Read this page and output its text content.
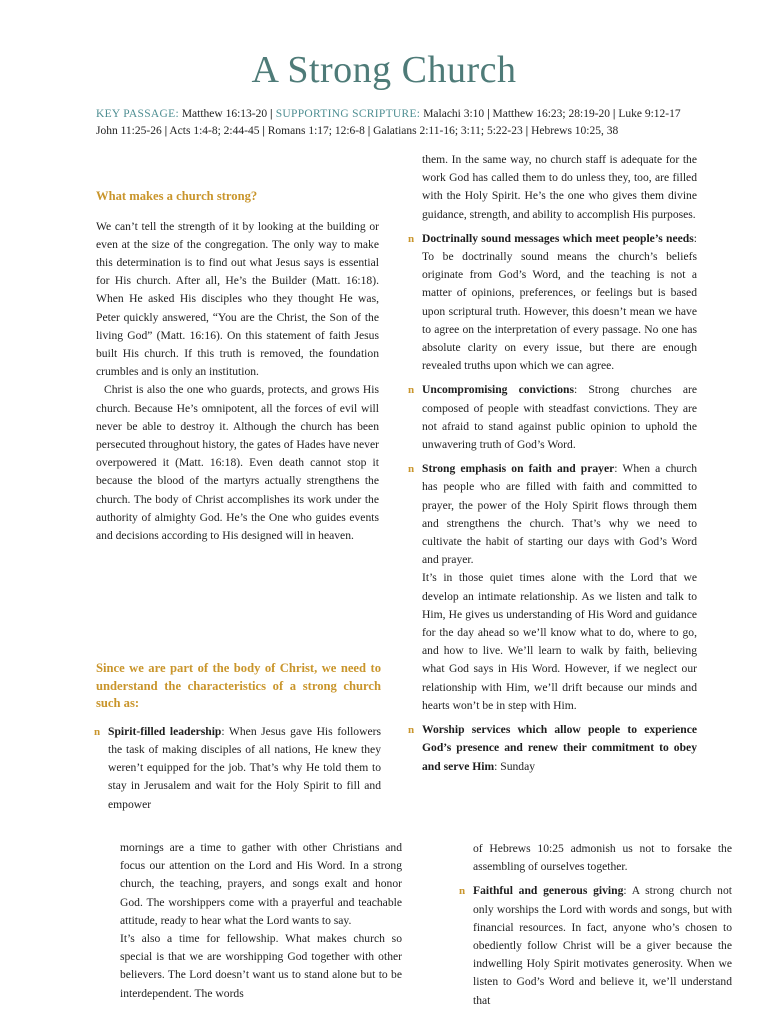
A Strong Church
KEY PASSAGE: Matthew 16:13-20 | SUPPORTING SCRIPTURE: Malachi 3:10 | Matthew 16:23; 28:19-20 | Luke 9:12-17
John 11:25-26 | Acts 1:4-8; 2:44-45 | Romans 1:17; 12:6-8 | Galatians 2:11-16; 3:11; 5:22-23 | Hebrews 10:25, 38

What makes a church strong?

We can’t tell the strength of it by looking at the building or even at the size of the congregation. The only way to make this determination is to find out what Jesus says is essential for His church. After all, He’s the Builder (Matt. 16:18). When He asked His disciples who they thought He was, Peter quickly answered, “You are the Christ, the Son of the living God” (Matt. 16:16). On this statement of faith Jesus built His church. If this truth is removed, the foundation crumbles and is only an institution.

Christ is also the one who guards, protects, and grows His church. Because He’s omnipotent, all the forces of evil will never be able to destroy it. Although the church has been persecuted throughout history, the gates of Hades have never overpowered it (Matt. 16:18). Even death cannot stop it because the blood of the martyrs actually strengthens the church. The body of Christ accomplishes its work under the authority of almighty God. He’s the One who guides events and decisions according to His designed will in heaven.

Since we are part of the body of Christ, we need to understand the characteristics of a strong church such as:

n Spirit-filled leadership: When Jesus gave His followers the task of making disciples of all nations, He knew they weren’t equipped for the job. That’s why He told them to stay in Jerusalem and wait for the Holy Spirit to fill and empower

them. In the same way, no church staff is adequate for the work God has called them to do unless they, too, are filled with the Holy Spirit. He’s the one who gives them divine guidance, strength, and ability to accomplish His purposes.

n Doctrinally sound messages which meet people’s needs: To be doctrinally sound means the church’s beliefs originate from God’s Word, and the teaching is not a matter of opinions, preferences, or feelings but is based upon scriptural truth. However, this doesn’t mean we have to agree on the interpretation of every passage. No one has absolute clarity on every issue, but there are enough revealed truths upon which we can agree.

n Uncompromising convictions: Strong churches are composed of people with steadfast convictions. They are not afraid to stand against public opinion to uphold the unwavering truth of God’s Word.

n Strong emphasis on faith and prayer: When a church has people who are filled with faith and committed to prayer, the power of the Holy Spirit flows through them and strengthens the church. That’s why we need to cultivate the habit of starting our days with God’s Word and prayer.

It’s in those quiet times alone with the Lord that we develop an intimate relationship. As we listen and talk to Him, He gives us understanding of His Word and guidance for the day ahead so we’ll know what to do, where to go, and how to live. We’ll learn to walk by faith, believing what God says in His Word. However, if we neglect our relationship with Him, we’ll drift because our minds and hearts won’t be in step with Him.

n Worship services which allow people to experience God’s presence and renew their commitment to obey and serve Him: Sunday

mornings are a time to gather with other Christians and focus our attention on the Lord and His Word. In a strong church, the teaching, prayers, and songs exalt and honor God. The worshippers come with a prayerful and teachable attitude, ready to hear what the Lord wants to say.

It’s also a time for fellowship. What makes church so special is that we are worshipping God together with other believers. The Lord doesn’t want us to stand alone but to be interdependent. The words

of Hebrews 10:25 admonish us not to forsake the assembling of ourselves together.

n Faithful and generous giving: A strong church not only worships the Lord with words and songs, but with financial resources. In fact, anyone who’s chosen to obediently follow Christ will be a giver because the indwelling Holy Spirit motivates generosity. When we listen to God’s Word and believe it, we’ll understand that
